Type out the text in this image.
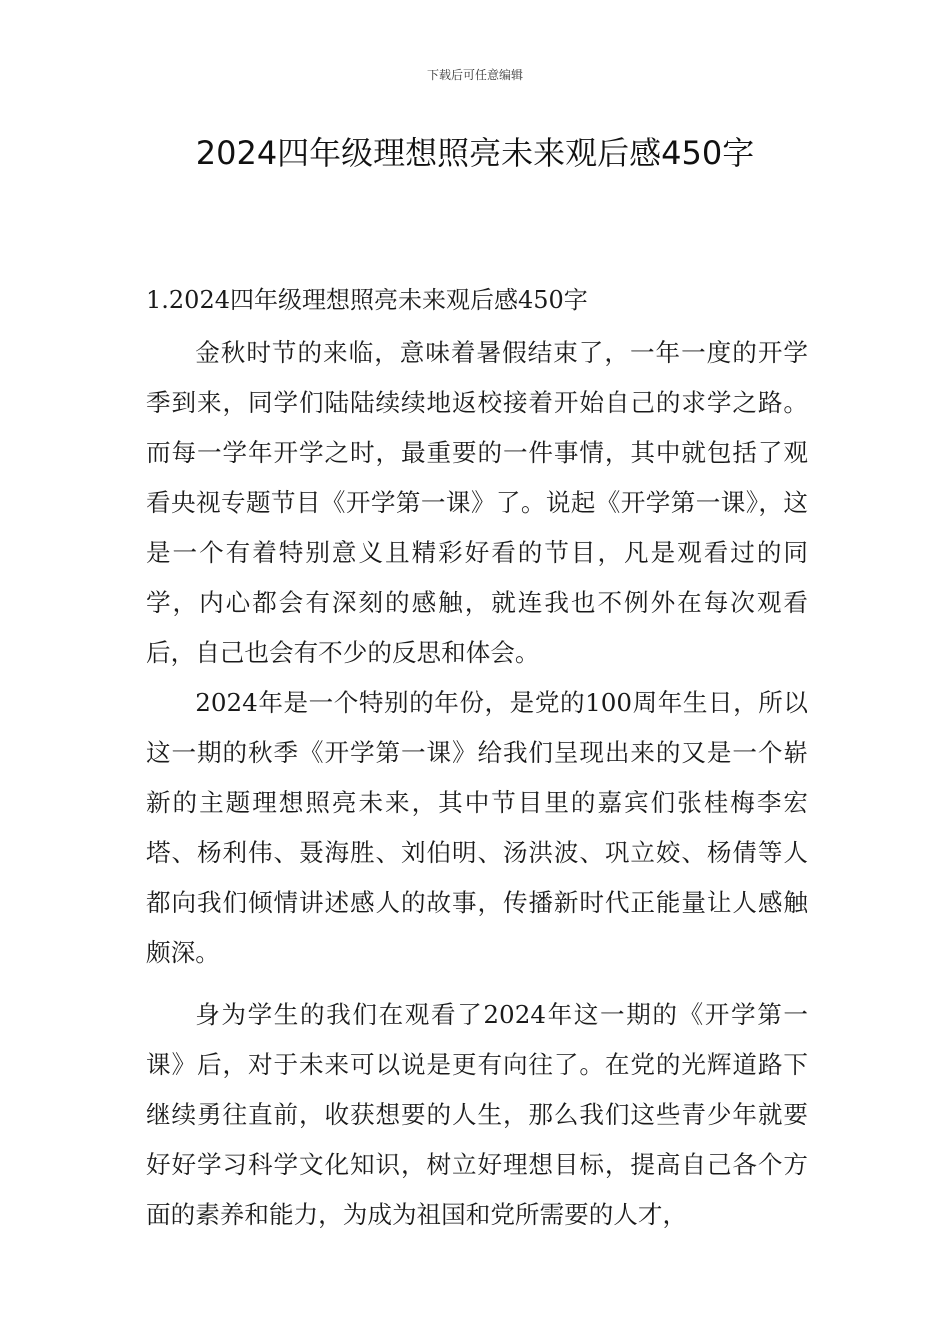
下载后可任意编辑
2024四年级理想照亮未来观后感450字

1.2024四年级理想照亮未来观后感450字

金秋时节的来临，意味着暑假结束了，一年一度的开学季到来，同学们陆陆续续地返校接着开始自己的求学之路。而每一学年开学之时，最重要的一件事情，其中就包括了观看央视专题节目《开学第一课》了。说起《开学第一课》，这是一个有着特别意义且精彩好看的节目，凡是观看过的同学，内心都会有深刻的感触，就连我也不例外在每次观看后，自己也会有不少的反思和体会。

2024年是一个特别的年份，是党的100周年生日，所以这一期的秋季《开学第一课》给我们呈现出来的又是一个崭新的主题理想照亮未来，其中节目里的嘉宾们张桂梅李宏塔、杨利伟、聂海胜、刘伯明、汤洪波、巩立姣、杨倩等人都向我们倾情讲述感人的故事，传播新时代正能量让人感触颇深。

身为学生的我们在观看了2024年这一期的《开学第一课》后，对于未来可以说是更有向往了。在党的光辉道路下继续勇往直前，收获想要的人生，那么我们这些青少年就要好好学习科学文化知识，树立好理想目标，提高自己各个方面的素养和能力，为成为祖国和党所需要的人才，
